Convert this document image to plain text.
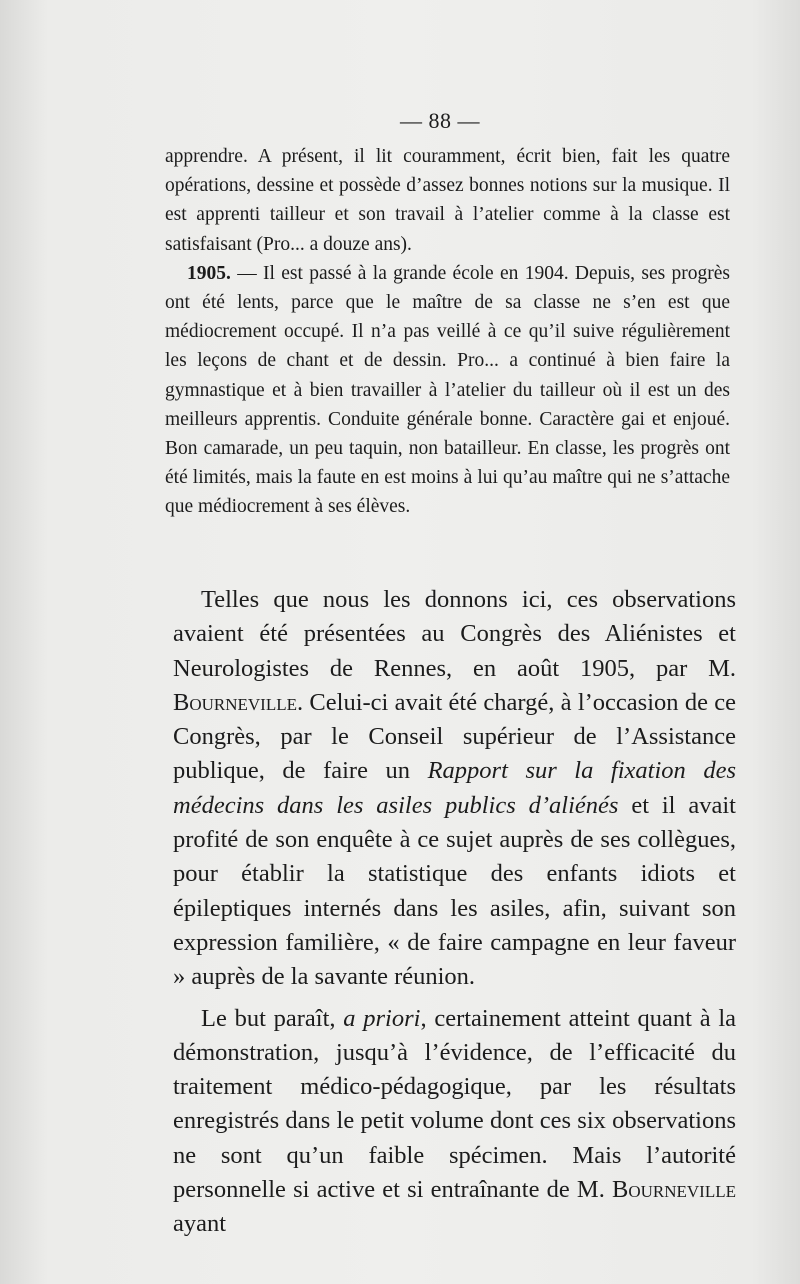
— 88 —

apprendre. A présent, il lit couramment, écrit bien, fait les quatre opérations, dessine et possède d’assez bonnes notions sur la musique. Il est apprenti tailleur et son travail à l’atelier comme à la classe est satisfaisant (Pro... a douze ans).

1905. — Il est passé à la grande école en 1904. Depuis, ses progrès ont été lents, parce que le maître de sa classe ne s’en est que médiocrement occupé. Il n’a pas veillé à ce qu’il suive régulièrement les leçons de chant et de dessin. Pro... a continué à bien faire la gymnastique et à bien travailler à l’atelier du tailleur où il est un des meilleurs apprentis. Conduite générale bonne. Caractère gai et enjoué. Bon camarade, un peu taquin, non batailleur. En classe, les progrès ont été limités, mais la faute en est moins à lui qu’au maître qui ne s’attache que médiocrement à ses élèves.

Telles que nous les donnons ici, ces observations avaient été présentées au Congrès des Aliénistes et Neurologistes de Rennes, en août 1905, par M. Bourneville. Celui-ci avait été chargé, à l’occasion de ce Congrès, par le Conseil supérieur de l’Assistance publique, de faire un Rapport sur la fixation des médecins dans les asiles publics d’aliénés et il avait profité de son enquête à ce sujet auprès de ses collègues, pour établir la statistique des enfants idiots et épileptiques internés dans les asiles, afin, suivant son expression familière, « de faire campagne en leur faveur » auprès de la savante réunion.

Le but paraît, a priori, certainement atteint quant à la démonstration, jusqu’à l’évidence, de l’efficacité du traitement médico-pédagogique, par les résultats enregistrés dans le petit volume dont ces six observations ne sont qu’un faible spécimen. Mais l’autorité personnelle si active et si entraînante de M. Bourneville ayant
